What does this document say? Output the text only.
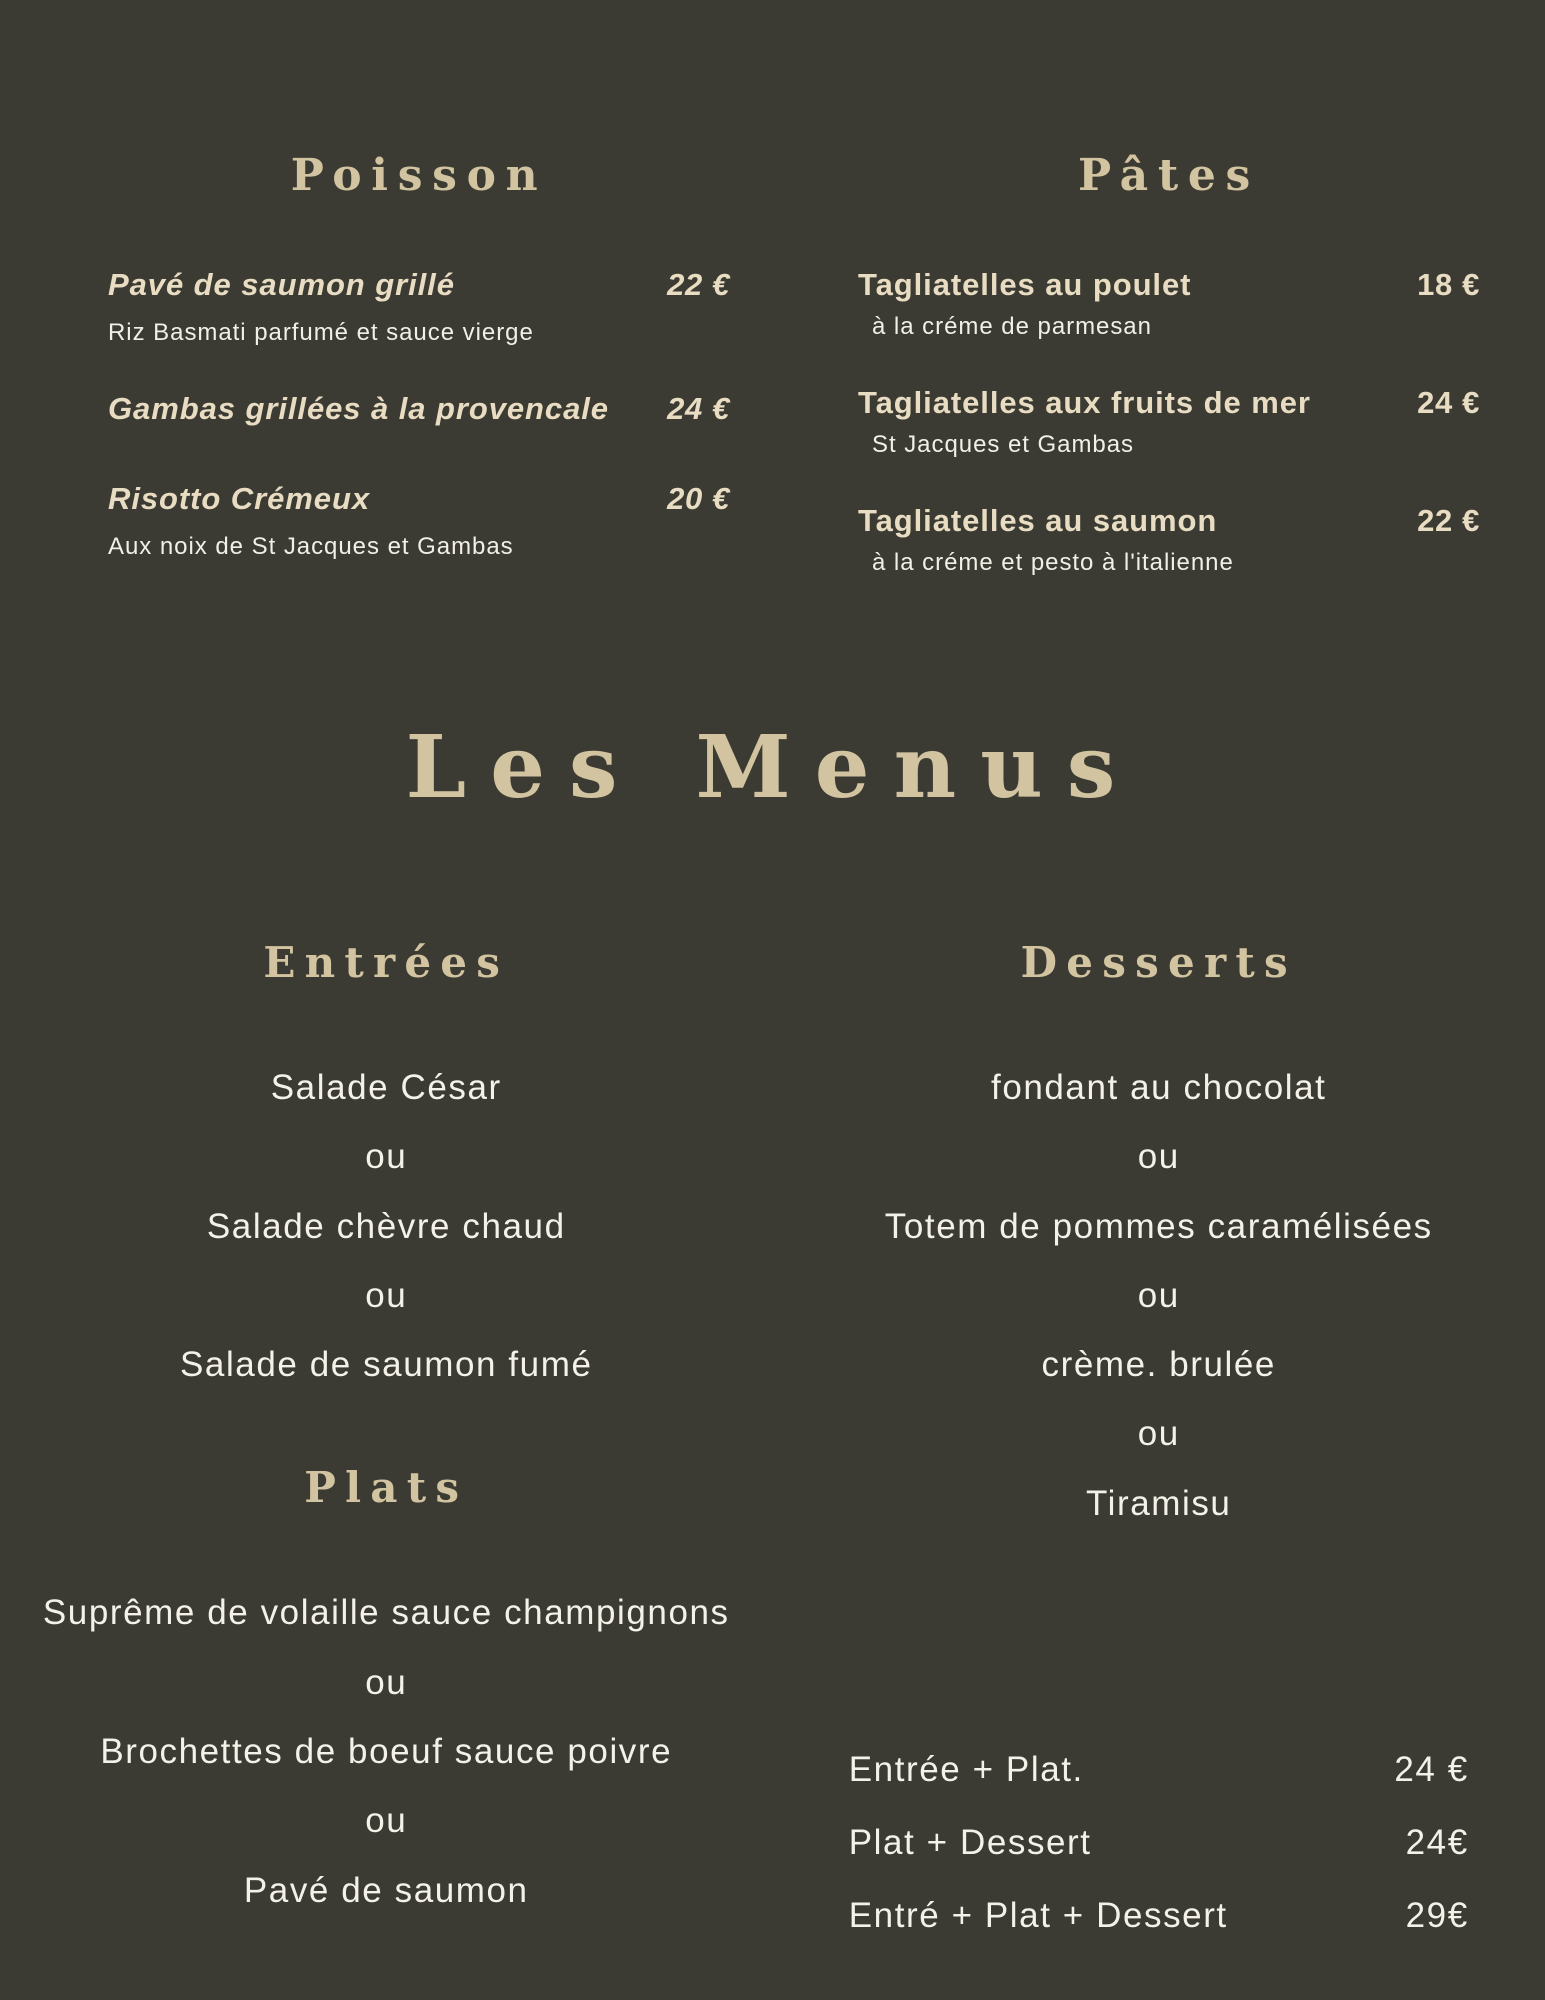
Poisson
Pavé de saumon grillé	22 €
Riz Basmati parfumé et sauce vierge
Gambas grillées à la provencale 24 €
Risotto Crémeux	20 €
Aux noix de St Jacques et Gambas
Pâtes
Tagliatelles au poulet	18 €
à la créme de parmesan
Tagliatelles aux fruits de mer	24 €
St Jacques et Gambas
Tagliatelles au saumon	22 €
à la créme et pesto à l'italienne
Les Menus
Entrées

Salade César

ou

Salade chèvre chaud

ou

Salade de saumon fumé

Plats

Suprême de volaille sauce champignons

ou

Brochettes de boeuf sauce poivre

ou

Pavé de saumon

Desserts

fondant au chocolat

ou

Totem de pommes caramélisées

ou

crème. brulée

ou

Tiramisu

Entrée + Plat.	24 €
Plat + Dessert	24€
Entré + Plat + Dessert	29€
